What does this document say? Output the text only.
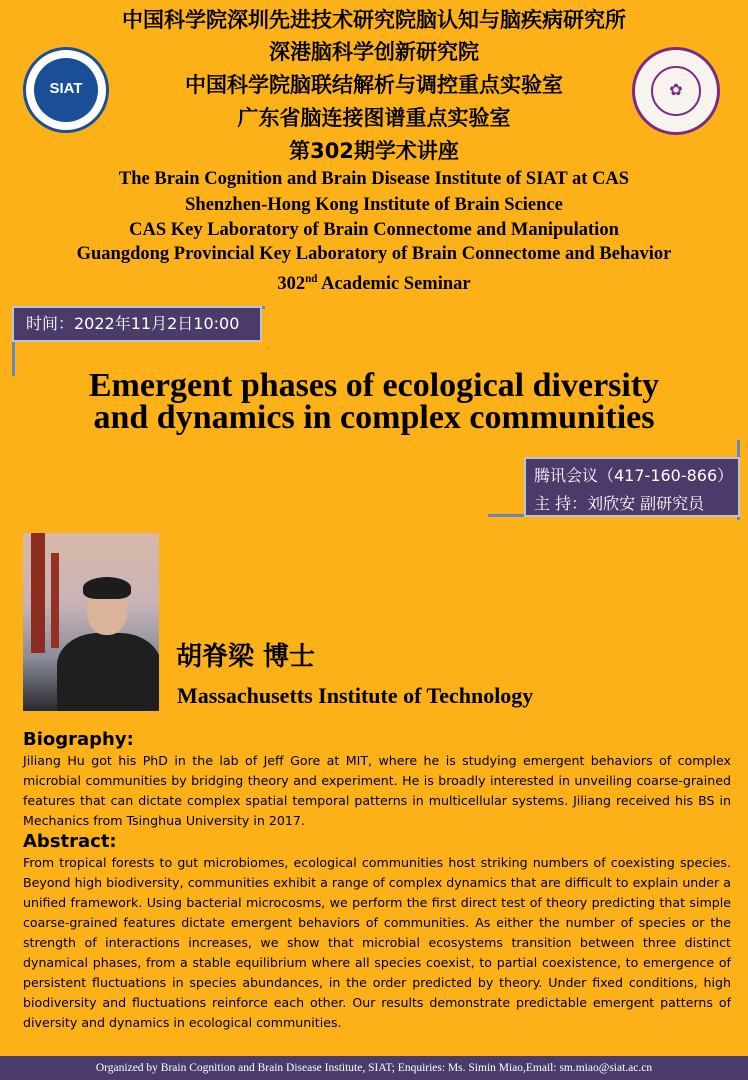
中国科学院深圳先进技术研究院脑认知与脑疾病研究所
深港脑科学创新研究院
中国科学院脑联结解析与调控重点实验室
广东省脑连接图谱重点实验室
第302期学术讲座
SIAT	✿
The Brain Cognition and Brain Disease Institute of SIAT at CAS
Shenzhen-Hong Kong Institute of Brain Science
CAS Key Laboratory of Brain Connectome and Manipulation
Guangdong Provincial Key Laboratory of Brain Connectome and Behavior
302nd Academic Seminar
时间：2022年11月2日10:00
Emergent phases of ecological diversity
and dynamics in complex communities
腾讯会议（417-160-866）
主 持：刘欣安 副研究员
胡脊梁 博士
Massachusetts Institute of Technology
Biography:
Jiliang Hu got his PhD in the lab of Jeff Gore at MIT, where he is studying emergent behaviors of complex microbial communities by bridging theory and experiment. He is broadly interested in unveiling coarse-grained features that can dictate complex spatial temporal patterns in multicellular systems. Jiliang received his BS in Mechanics from Tsinghua University in 2017.
Abstract:
From tropical forests to gut microbiomes, ecological communities host striking numbers of coexisting species. Beyond high biodiversity, communities exhibit a range of complex dynamics that are difficult to explain under a unified framework. Using bacterial microcosms, we perform the first direct test of theory predicting that simple coarse-grained features dictate emergent behaviors of communities. As either the number of species or the strength of interactions increases, we show that microbial ecosystems transition between three distinct dynamical phases, from a stable equilibrium where all species coexist, to partial coexistence, to emergence of persistent fluctuations in species abundances, in the order predicted by theory. Under fixed conditions, high biodiversity and fluctuations reinforce each other. Our results demonstrate predictable emergent patterns of diversity and dynamics in ecological communities.
Organized by Brain Cognition and Brain Disease Institute, SIAT; Enquiries: Ms. Simin Miao,Email: sm.miao@siat.ac.cn
